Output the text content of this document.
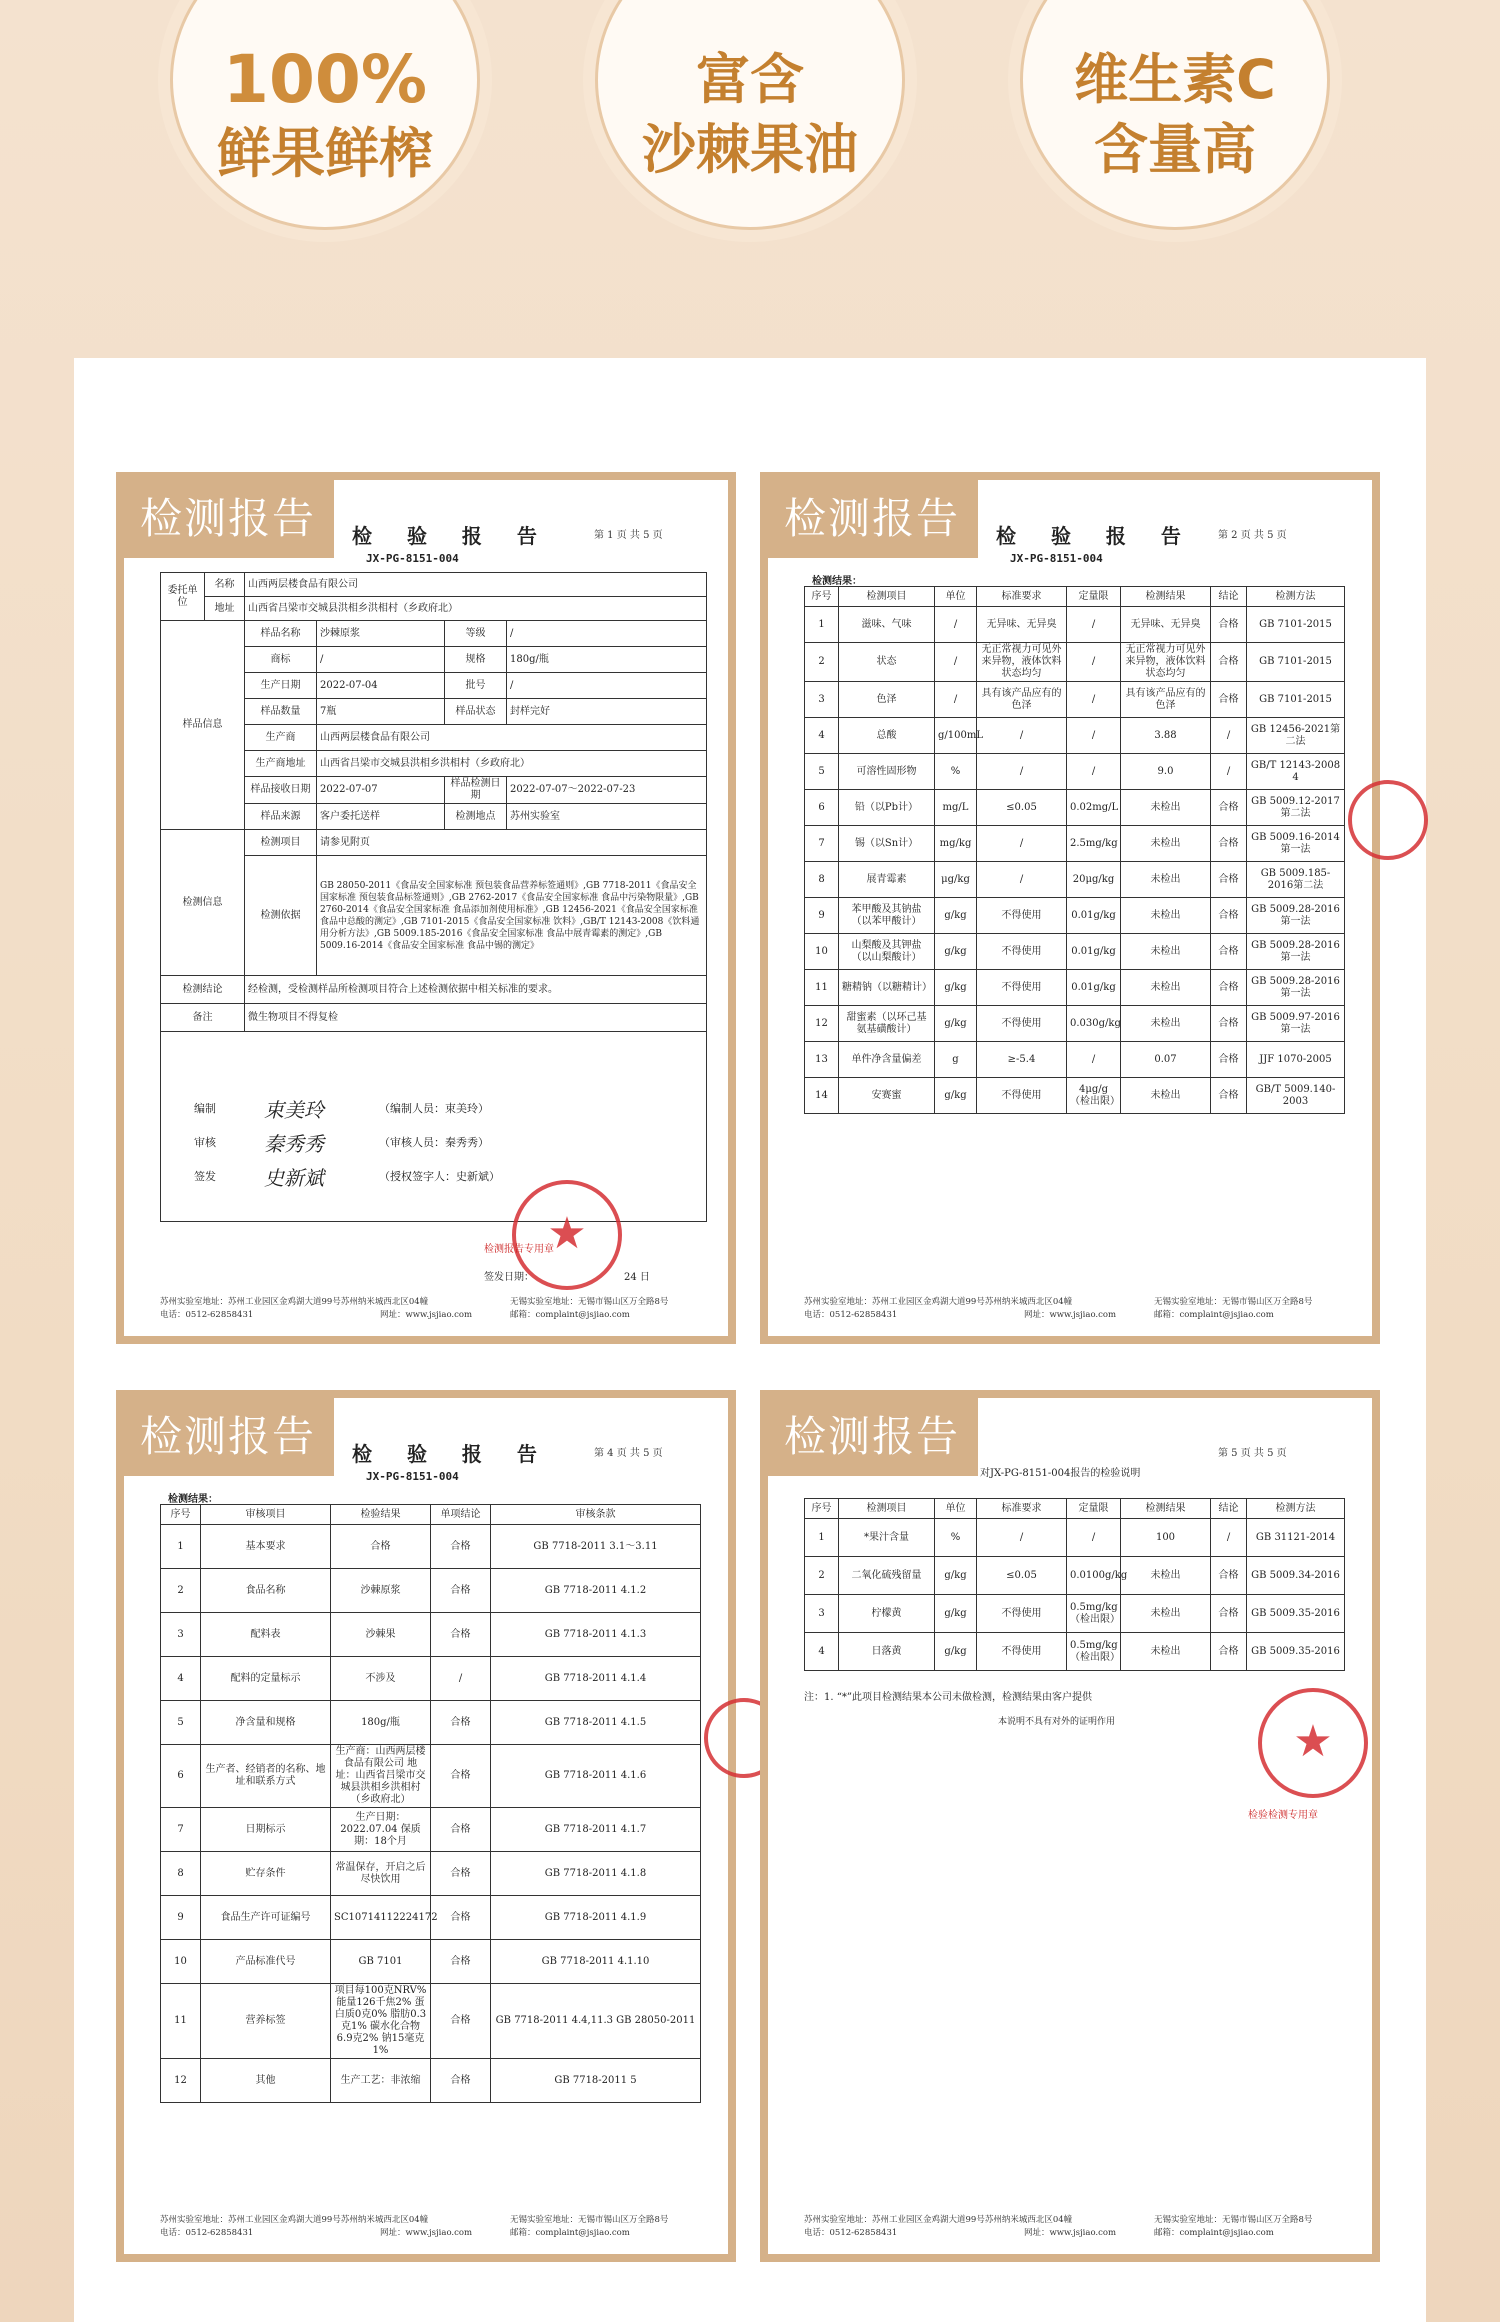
100%
鲜果鲜榨
富含
沙棘果油
维生素C
含量高
检测报告	检 验 报 告	第 1 页 共 5 页
JX-PG-8151-004
委托单位	名称	山西两层楼食品有限公司			
	地址	山西省吕梁市交城县洪相乡洪相村（乡政府北）			
样品信息		样品名称	沙棘原浆	等级	/
		商标	/	规格	180g/瓶
		生产日期	2022-07-04	批号	/
		样品数量	7瓶	样品状态	封样完好
		生产商	山西两层楼食品有限公司		
		生产商地址	山西省吕梁市交城县洪相乡洪相村（乡政府北）		
		样品接收日期	2022-07-07	样品检测日期	2022-07-07～2022-07-23
		样品来源	客户委托送样	检测地点	苏州实验室
检测信息		检测项目	请参见附页		
		检测依据	GB 28050-2011《食品安全国家标准 预包装食品营养标签通则》,GB 7718-2011《食品安全国家标准 预包装食品标签通则》,GB 2762-2017《食品安全国家标准 食品中污染物限量》,GB 2760-2014《食品安全国家标准 食品添加剂使用标准》,GB 12456-2021《食品安全国家标准 食品中总酸的测定》,GB 7101-2015《食品安全国家标准 饮料》,GB/T 12143-2008《饮料通用分析方法》,GB 5009.185-2016《食品安全国家标准 食品中展青霉素的测定》,GB 5009.16-2014《食品安全国家标准 食品中锡的测定》		
检测结论		经检测，受检测样品所检测项目符合上述检测依据中相关标准的要求。			
备注		微生物项目不得复检			

编制 束美玲	（编制人员：束美玲）
审核 秦秀秀	（审核人员：秦秀秀）
签发 史新斌	（授权签字人：史新斌）
★
检测报告专用章
签发日期：	24 日
苏州实验室地址：苏州工业园区金鸡湖大道99号苏州纳米城西北区04幢	无锡实验室地址：无锡市锡山区万全路8号

电话：0512-62858431	网址：www.jsjiao.com	邮箱：complaint@jsjiao.com
检测报告	检 验 报 告 第 2 页 共 5 页
JX-PG-8151-004
检测结果：
序号	检测项目	单位	标准要求	定量限	检测结果	结论	检测方法
1	滋味、气味	/	无异味、无异臭	/	无异味、无异臭	合格	GB 7101-2015
2	状态	/	无正常视力可见外来异物，液体饮料状态均匀	/	无正常视力可见外来异物，液体饮料状态均匀	合格	GB 7101-2015
3	色泽	/	具有该产品应有的色泽	/	具有该产品应有的色泽	合格	GB 7101-2015
4	总酸	g/100mL	/	/	3.88	/	GB 12456-2021第二法
5	可溶性固形物	%	/	/	9.0	/	GB/T 12143-2008 4
6	铅（以Pb计）	mg/L	≤0.05	0.02mg/L	未检出	合格	GB 5009.12-2017第二法
7	锡（以Sn计）	mg/kg	/	2.5mg/kg	未检出	合格	GB 5009.16-2014第一法
8	展青霉素	μg/kg	/	20μg/kg	未检出	合格	GB 5009.185-2016第二法
9	苯甲酸及其钠盐（以苯甲酸计）	g/kg	不得使用	0.01g/kg	未检出	合格	GB 5009.28-2016第一法
10	山梨酸及其钾盐（以山梨酸计）	g/kg	不得使用	0.01g/kg	未检出	合格	GB 5009.28-2016第一法
11	糖精钠（以糖精计）	g/kg	不得使用	0.01g/kg	未检出	合格	GB 5009.28-2016第一法
12	甜蜜素（以环己基氨基磺酸计）	g/kg	不得使用	0.030g/kg	未检出	合格	GB 5009.97-2016第一法
13	单件净含量偏差	g	≥-5.4	/	0.07	合格	JJF 1070-2005
14	安赛蜜	g/kg	不得使用	4μg/g（检出限）	未检出	合格	GB/T 5009.140-2003
苏州实验室地址：苏州工业园区金鸡湖大道99号苏州纳米城西北区04幢	无锡实验室地址：无锡市锡山区万全路8号

电话：0512-62858431	网址：www.jsjiao.com	邮箱：complaint@jsjiao.com
检测报告	检 验 报 告	第 4 页 共 5 页
JX-PG-8151-004
检测结果：
序号	审核项目	检验结果	单项结论	审核条款
1	基本要求	合格	合格	GB 7718-2011 3.1～3.11
2	食品名称	沙棘原浆	合格	GB 7718-2011 4.1.2
3	配料表	沙棘果	合格	GB 7718-2011 4.1.3
4	配料的定量标示	不涉及	/	GB 7718-2011 4.1.4
5	净含量和规格	180g/瓶	合格	GB 7718-2011 4.1.5
6	生产者、经销者的名称、地址和联系方式	生产商：山西两层楼食品有限公司 地址：山西省吕梁市交城县洪相乡洪相村（乡政府北）	合格	GB 7718-2011 4.1.6
7	日期标示	生产日期：2022.07.04 保质期：18个月	合格	GB 7718-2011 4.1.7
8	贮存条件	常温保存，开启之后尽快饮用	合格	GB 7718-2011 4.1.8
9	食品生产许可证编号	SC10714112224172	合格	GB 7718-2011 4.1.9
10	产品标准代号	GB 7101	合格	GB 7718-2011 4.1.10
11	营养标签	项目每100克NRV% 能量126千焦2% 蛋白质0克0% 脂肪0.3克1% 碳水化合物6.9克2% 钠15毫克1%	合格	GB 7718-2011 4.4,11.3 GB 28050-2011
12	其他	生产工艺：非浓缩	合格	GB 7718-2011 5
苏州实验室地址：苏州工业园区金鸡湖大道99号苏州纳米城西北区04幢	无锡实验室地址：无锡市锡山区万全路8号

电话：0512-62858431	网址：www.jsjiao.com	邮箱：complaint@jsjiao.com
检测报告	第 5 页 共 5 页
对JX-PG-8151-004报告的检验说明
序号	检测项目	单位	标准要求	定量限	检测结果	结论	检测方法
1	*果汁含量	%	/	/	100	/	GB 31121-2014
2	二氧化硫残留量	g/kg	≤0.05	0.0100g/kg	未检出	合格	GB 5009.34-2016
3	柠檬黄	g/kg	不得使用	0.5mg/kg（检出限）	未检出	合格	GB 5009.35-2016
4	日落黄	g/kg	不得使用	0.5mg/kg（检出限）	未检出	合格	GB 5009.35-2016
注：1. “*”此项目检测结果本公司未做检测，检测结果由客户提供
本说明不具有对外的证明作用	★
检验检测专用章
苏州实验室地址：苏州工业园区金鸡湖大道99号苏州纳米城西北区04幢	无锡实验室地址：无锡市锡山区万全路8号

电话：0512-62858431	网址：www.jsjiao.com	邮箱：complaint@jsjiao.com
